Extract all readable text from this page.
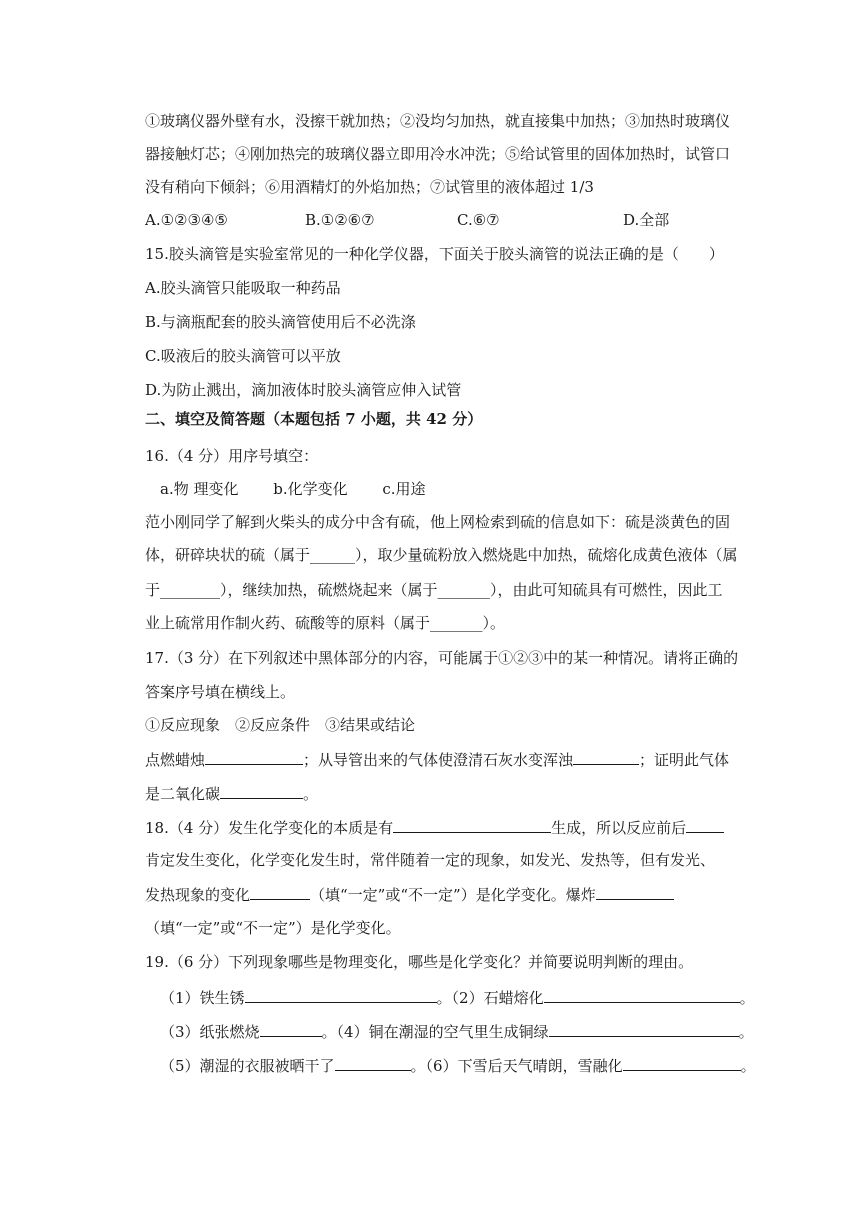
①玻璃仪器外壁有水，没擦干就加热；②没均匀加热，就直接集中加热；③加热时玻璃仪
器接触灯芯；④刚加热完的玻璃仪器立即用冷水冲洗；⑤给试管里的固体加热时，试管口
没有稍向下倾斜；⑥用酒精灯的外焰加热；⑦试管里的液体超过 1/3
A.①②③④⑤	B.①②⑥⑦	C.⑥⑦	D.全部
15.胶头滴管是实验室常见的一种化学仪器，下面关于胶头滴管的说法正确的是（　　）
A.胶头滴管只能吸取一种药品
B.与滴瓶配套的胶头滴管使用后不必洗涤
C.吸液后的胶头滴管可以平放
D.为防止溅出，滴加液体时胶头滴管应伸入试管
二、填空及简答题（本题包括 7 小题，共 42 分）
16.（4 分）用序号填空：
a.物 理变化　　 b.化学变化　　 c.用途
范小刚同学了解到火柴头的成分中含有硫，他上网检索到硫的信息如下：硫是淡黄色的固
体，研碎块状的硫（属于______），取少量硫粉放入燃烧匙中加热，硫熔化成黄色液体（属
于________），继续加热，硫燃烧起来（属于_______），由此可知硫具有可燃性，因此工
业上硫常用作制火药、硫酸等的原料（属于_______）。
17.（3 分）在下列叙述中黑体部分的内容，可能属于①②③中的某一种情况。请将正确的
答案序号填在横线上。
①反应现象　②反应条件　③结果或结论
点燃蜡烛	；从导管出来的气体使澄清石灰水变浑浊	；证明此气体
是二氧化碳	。
18.（4 分）发生化学变化的本质是有	生成，所以反应前后
肯定发生变化，化学变化发生时，常伴随着一定的现象，如发光、发热等，但有发光、
发热现象的变化	（填“一定”或“不一定”）是化学变化。爆炸
（填“一定”或“不一定”）是化学变化。
19.（6 分）下列现象哪些是物理变化，哪些是化学变化？并简要说明判断的理由。
（1）铁生锈	。（2）石蜡熔化	。
（3）纸张燃烧	。（4）铜在潮湿的空气里生成铜绿	。
（5）潮湿的衣服被晒干了	。（6）下雪后天气晴朗，雪融化	。
